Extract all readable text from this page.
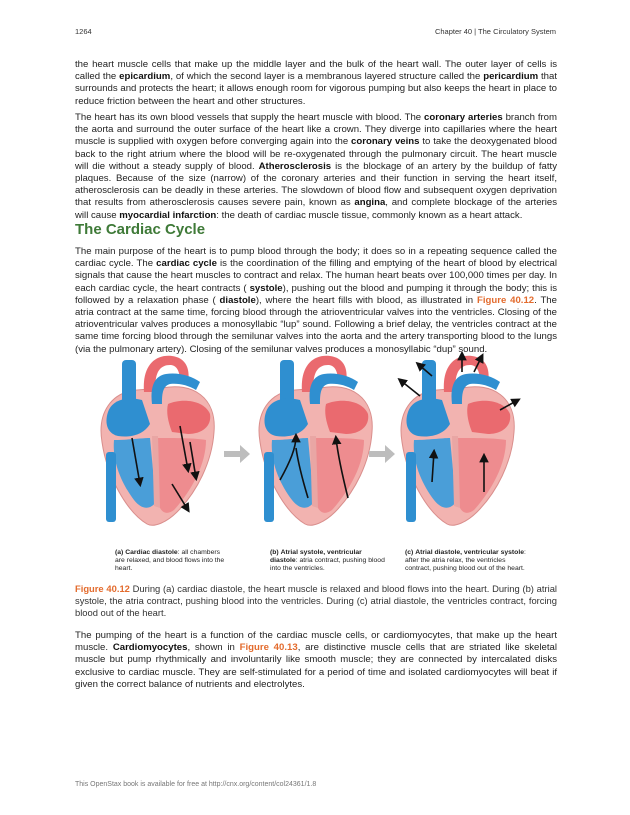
1264	Chapter 40 | The Circulatory System

the heart muscle cells that make up the middle layer and the bulk of the heart wall. The outer layer of cells is called the epicardium, of which the second layer is a membranous layered structure called the pericardium that surrounds and protects the heart; it allows enough room for vigorous pumping but also keeps the heart in place to reduce friction between the heart and other structures.

The heart has its own blood vessels that supply the heart muscle with blood. The coronary arteries branch from the aorta and surround the outer surface of the heart like a crown. They diverge into capillaries where the heart muscle is supplied with oxygen before converging again into the coronary veins to take the deoxygenated blood back to the right atrium where the blood will be re-oxygenated through the pulmonary circuit. The heart muscle will die without a steady supply of blood. Atherosclerosis is the blockage of an artery by the buildup of fatty plaques. Because of the size (narrow) of the coronary arteries and their function in serving the heart itself, atherosclerosis can be deadly in these arteries. The slowdown of blood flow and subsequent oxygen deprivation that results from atherosclerosis causes severe pain, known as angina, and complete blockage of the arteries will cause myocardial infarction: the death of cardiac muscle tissue, commonly known as a heart attack.

The Cardiac Cycle

The main purpose of the heart is to pump blood through the body; it does so in a repeating sequence called the cardiac cycle. The cardiac cycle is the coordination of the filling and emptying of the heart of blood by electrical signals that cause the heart muscles to contract and relax. The human heart beats over 100,000 times per day. In each cardiac cycle, the heart contracts ( systole), pushing out the blood and pumping it through the body; this is followed by a relaxation phase ( diastole), where the heart fills with blood, as illustrated in Figure 40.12. The atria contract at the same time, forcing blood through the atrioventricular valves into the ventricles. Closing of the atrioventricular valves produces a monosyllabic “lup” sound. Following a brief delay, the ventricles contract at the same time forcing blood through the semilunar valves into the aorta and the artery transporting blood to the lungs (via the pulmonary artery). Closing of the semilunar valves produces a monosyllabic “dup” sound.

(a) Cardiac diastole: all chambers are relaxed, and blood flows into the heart.
(b) Atrial systole, ventricular diastole: atria contract, pushing blood into the ventricles.
(c) Atrial diastole, ventricular systole: after the atria relax, the ventricles contract, pushing blood out of the heart.

Figure 40.12 During (a) cardiac diastole, the heart muscle is relaxed and blood flows into the heart. During (b) atrial systole, the atria contract, pushing blood into the ventricles. During (c) atrial diastole, the ventricles contract, forcing blood out of the heart.

The pumping of the heart is a function of the cardiac muscle cells, or cardiomyocytes, that make up the heart muscle. Cardiomyocytes, shown in Figure 40.13, are distinctive muscle cells that are striated like skeletal muscle but pump rhythmically and involuntarily like smooth muscle; they are connected by intercalated disks exclusive to cardiac muscle. They are self-stimulated for a period of time and isolated cardiomyocytes will beat if given the correct balance of nutrients and electrolytes.

This OpenStax book is available for free at http://cnx.org/content/col24361/1.8
